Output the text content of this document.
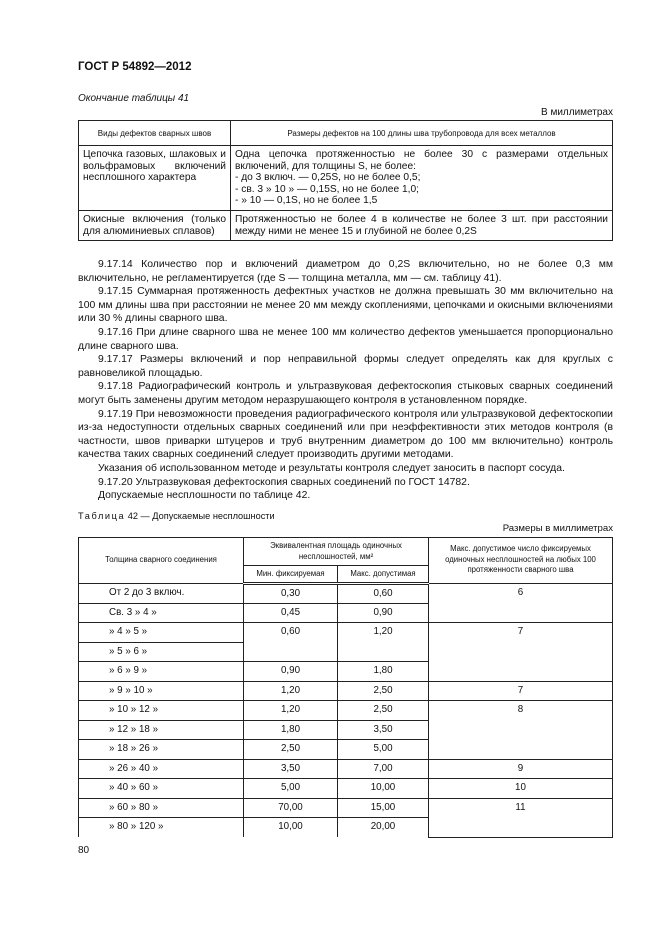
ГОСТ Р 54892—2012
Окончание таблицы 41
В миллиметрах
Виды дефектов сварных швов	Размеры дефектов на 100 длины шва трубопровода для всех металлов
Цепочка газовых, шлаковых и вольфрамовых включений несплошного характера	Одна цепочка протяженностью не более 30 с размерами отдельных включений, для толщины S, не более:
- до 3 включ. — 0,25S, но не более 0,5;
- св. 3 » 10 » — 0,15S, но не более 1,0;
- » 10 — 0,1S, но не более 1,5

Окисные включения (только для алюминиевых сплавов)	Протяженностью не более 4 в количестве не более 3 шт. при расстоянии между ними не менее 15 и глубиной не более 0,2S

9.17.14 Количество пор и включений диаметром до 0,2S включительно, но не более 0,3 мм включительно, не регламентируется (где S — толщина металла, мм — см. таблицу 41).

9.17.15 Суммарная протяженность дефектных участков не должна превышать 30 мм включительно на 100 мм длины шва при расстоянии не менее 20 мм между скоплениями, цепочками и окисными включениями или 30 % длины сварного шва.

9.17.16 При длине сварного шва не менее 100 мм количество дефектов уменьшается пропорционально длине сварного шва.

9.17.17 Размеры включений и пор неправильной формы следует определять как для круглых с равновеликой площадью.

9.17.18 Радиографический контроль и ультразвуковая дефектоскопия стыковых сварных соединений могут быть заменены другим методом неразрушающего контроля в установленном порядке.

9.17.19 При невозможности проведения радиографического контроля или ультразвуковой дефектоскопии из-за недоступности отдельных сварных соединений или при неэффективности этих методов контроля (в частности, швов приварки штуцеров и труб внутренним диаметром до 100 мм включительно) контроль качества таких сварных соединений следует производить другими методами.

Указания об использованном методе и результаты контроля следует заносить в паспорт сосуда.

9.17.20 Ультразвуковая дефектоскопия сварных соединений по ГОСТ 14782.

Допускаемые несплошности по таблице 42.

Таблица 42 — Допускаемые несплошности
Размеры в миллиметрах
Толщина сварного соединения	Эквивалентная площадь одиночных несплошностей, мм²		Макс. допустимое число фиксируемых одиночных несплошностей на любых 100 протяженности сварного шва
	Мин. фиксируемая	Макс. допустимая	
От 2 до 3 включ.	0,30	0,60	6
Св. 3 » 4 »	0,45	0,90	
» 4 » 5 »	0,60	1,20	7
» 5 » 6 »			
» 6 » 9 »	0,90	1,80	
» 9 » 10 »	1,20	2,50	7
» 10 » 12 »	1,20	2,50	8
» 12 » 18 »	1,80	3,50	
» 18 » 26 »	2,50	5,00	
» 26 » 40 »	3,50	7,00	9
» 40 » 60 »	5,00	10,00	10
» 60 » 80 »	70,00	15,00	11
» 80 » 120 »	10,00	20,00	
80
